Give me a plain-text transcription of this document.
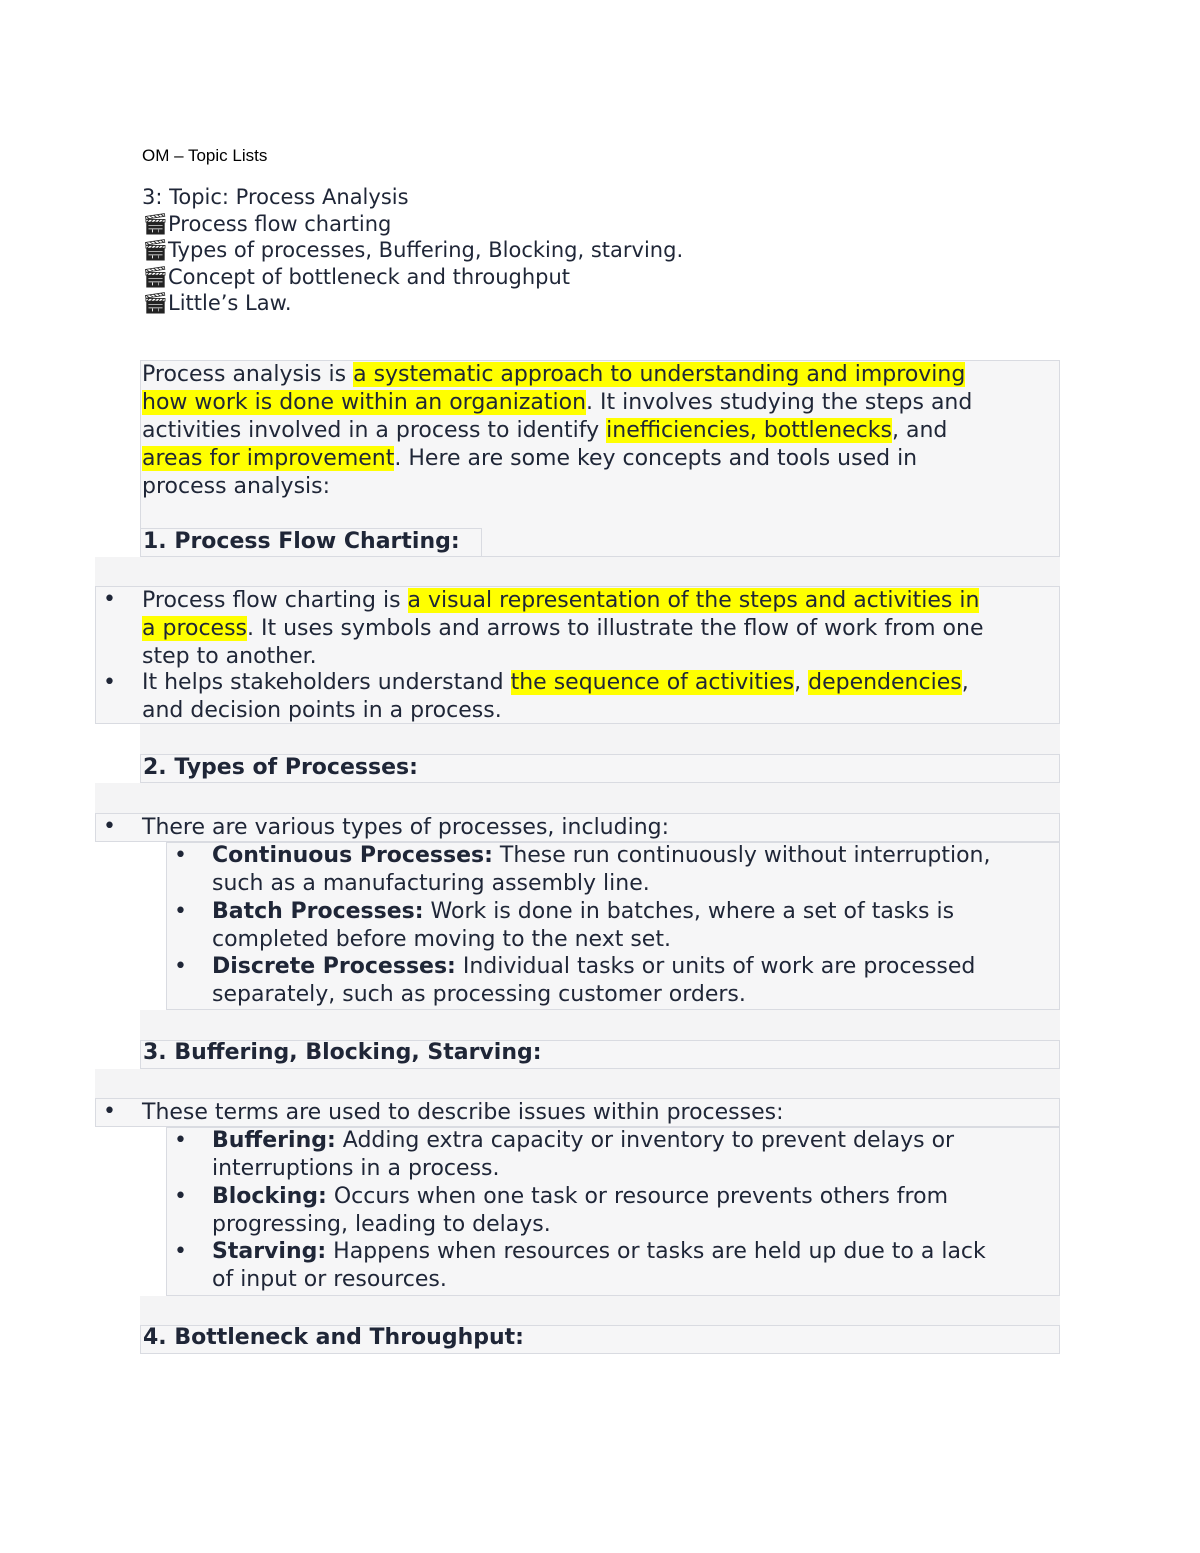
OM – Topic Lists
3: Topic: Process Analysis
🎬︎Process flow charting
🎬︎Types of processes, Buffering, Blocking, starving.
🎬︎Concept of bottleneck and throughput
🎬︎Little’s Law.
Process analysis is a systematic approach to understanding and improving
how work is done within an organization. It involves studying the steps and
activities involved in a process to identify inefficiencies, bottlenecks, and
areas for improvement. Here are some key concepts and tools used in
process analysis:
1. Process Flow Charting:
• Process flow charting is a visual representation of the steps and activities in
a process. It uses symbols and arrows to illustrate the flow of work from one
step to another.
• It helps stakeholders understand the sequence of activities, dependencies,
and decision points in a process.
2. Types of Processes:
• There are various types of processes, including:
• Continuous Processes: These run continuously without interruption,
such as a manufacturing assembly line.
• Batch Processes: Work is done in batches, where a set of tasks is
completed before moving to the next set.
• Discrete Processes: Individual tasks or units of work are processed
separately, such as processing customer orders.
3. Buffering, Blocking, Starving:
• These terms are used to describe issues within processes:
• Buffering: Adding extra capacity or inventory to prevent delays or
interruptions in a process.
• Blocking: Occurs when one task or resource prevents others from
progressing, leading to delays.
• Starving: Happens when resources or tasks are held up due to a lack
of input or resources.
4. Bottleneck and Throughput:
